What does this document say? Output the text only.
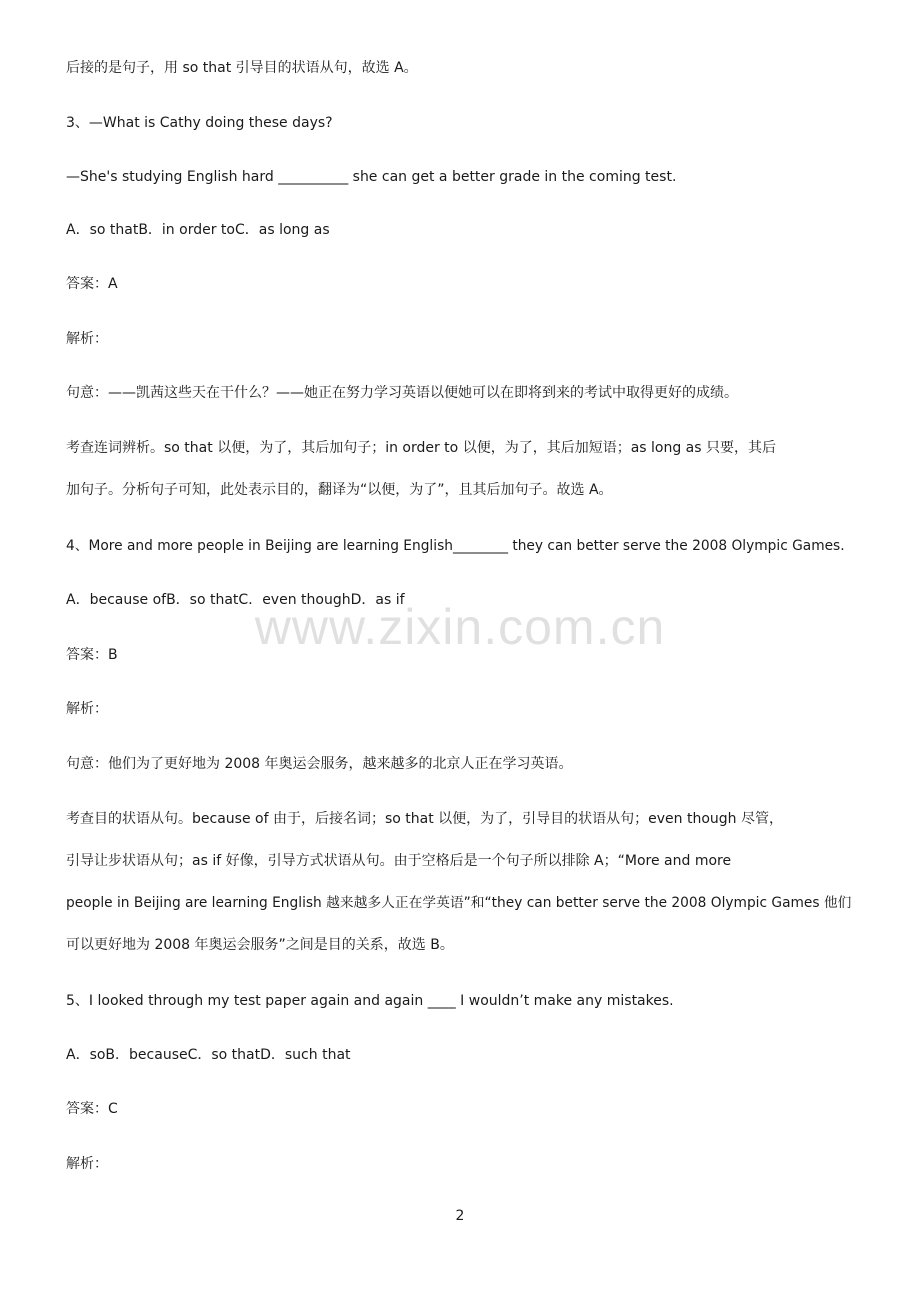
后接的是句子，用 so that 引导目的状语从句，故选 A。
3、—What is Cathy doing these days?
—She's studying English hard __________ she can get a better grade in the coming test.
A．so thatB．in order toC．as long as
答案：A
解析：
句意：——凯茜这些天在干什么？——她正在努力学习英语以便她可以在即将到来的考试中取得更好的成绩。
考查连词辨析。so that 以便，为了，其后加句子；in order to 以便，为了，其后加短语；as long as 只要，其后
加句子。分析句子可知，此处表示目的，翻译为“以便，为了”，且其后加句子。故选 A。
4、More and more people in Beijing are learning English________ they can better serve the 2008 Olympic Games.
A．because ofB．so thatC．even thoughD．as if
答案：B
解析：
句意：他们为了更好地为 2008 年奥运会服务，越来越多的北京人正在学习英语。
考查目的状语从句。because of 由于，后接名词；so that 以便，为了，引导目的状语从句；even though 尽管，
引导让步状语从句；as if 好像，引导方式状语从句。由于空格后是一个句子所以排除 A；“More and more
people in Beijing are learning English 越来越多人正在学英语”和“they can better serve the 2008 Olympic Games 他们
可以更好地为 2008 年奥运会服务”之间是目的关系，故选 B。
5、I looked through my test paper again and again ____ I wouldn’t make any mistakes.
A．soB．becauseC．so thatD．such that
答案：C
解析：
www.zixin.com.cn
2
